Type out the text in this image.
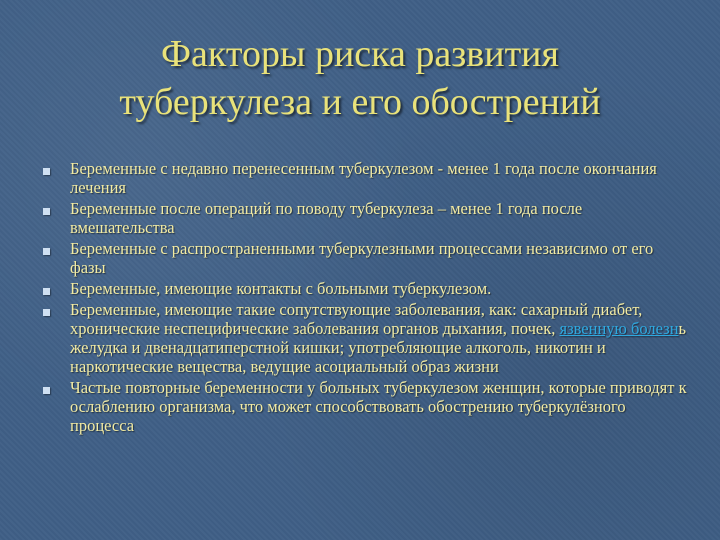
Факторы риска развития
туберкулеза и его обострений
Беременные с недавно перенесенным туберкулезом - менее 1 года после окончания лечения
Беременные после операций по поводу туберкулеза – менее 1 года после вмешательства
Беременные с распространенными туберкулезными процессами независимо от его фазы
Беременные, имеющие контакты с больными туберкулезом.
Беременные, имеющие такие сопутствующие заболевания, как: сахарный диабет, хронические неспецифические заболевания органов дыхания, почек, язвенную болезнь желудка и двенадцатиперстной кишки; употребляющие алкоголь, никотин и наркотические вещества, ведущие асоциальный образ жизни
Частые повторные беременности у больных туберкулезом женщин, которые приводят к ослаблению организма, что может способствовать обострению туберкулёзного процесса
